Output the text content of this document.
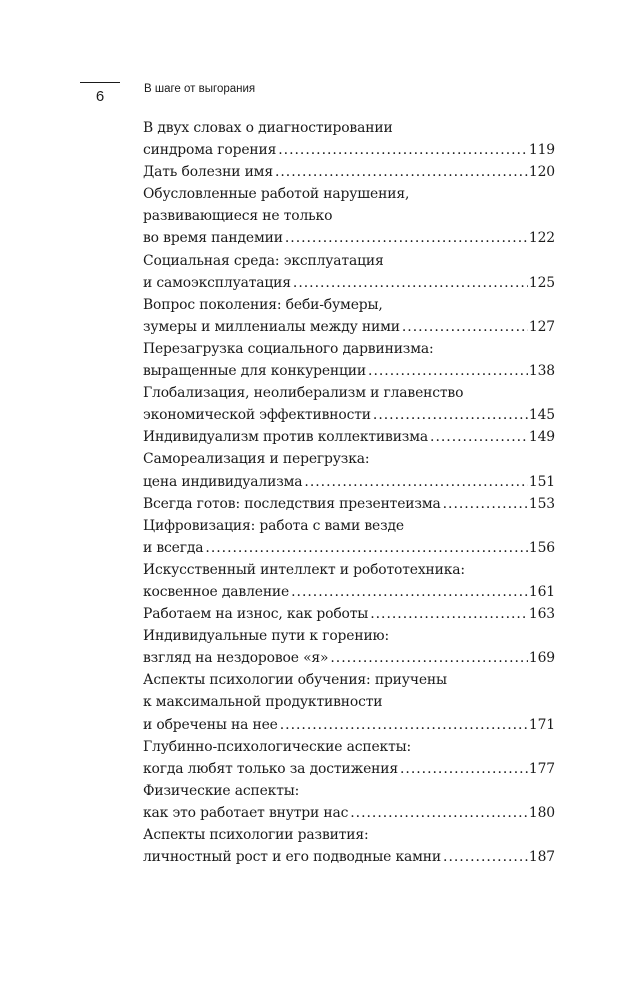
6	В шаге от выгорания
В двух словах о диагностировании
синдрома горения .....	119
Дать болезни имя .....	120
Обусловленные работой нарушения,
развивающиеся не только
во время пандемии .....	122
Социальная среда: эксплуатация
и самоэксплуатация .....	125
Вопрос поколения: беби-бумеры,
зумеры и миллениалы между ними .....	127
Перезагрузка социального дарвинизма:
выращенные для конкуренции .....	138
Глобализация, неолиберализм и главенство
экономической эффективности .....	145
Индивидуализм против коллективизма .....	149
Самореализация и перегрузка:
цена индивидуализма .....	151
Всегда готов: последствия презентеизма .....	153
Цифровизация: работа с вами везде
и всегда .....	156
Искусственный интеллект и робототехника:
косвенное давление .....	161
Работаем на износ, как роботы .....	163
Индивидуальные пути к горению:
взгляд на нездоровое «я» .....	169
Аспекты психологии обучения: приучены
к максимальной продуктивности
и обречены на нее .....	171
Глубинно-психологические аспекты:
когда любят только за достижения .....	177
Физические аспекты:
как это работает внутри нас .....	180
Аспекты психологии развития:
личностный рост и его подводные камни .....	187
